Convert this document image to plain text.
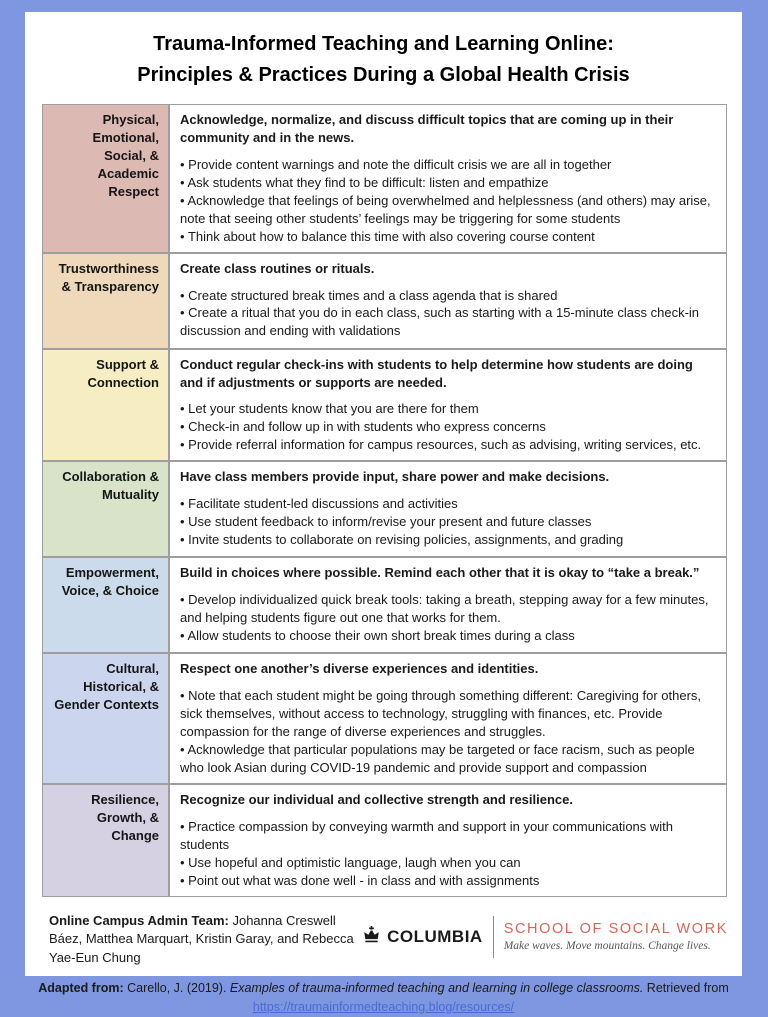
Trauma-Informed Teaching and Learning Online:
Principles & Practices During a Global Health Crisis
Physical, Emotional, Social, & Academic Respect	Acknowledge, normalize, and discuss difficult topics that are coming up in their community and in the news.
• Provide content warnings and note the difficult crisis we are all in together
• Ask students what they find to be difficult: listen and empathize
• Acknowledge that feelings of being overwhelmed and helplessness (and others) may arise, note that seeing other students’ feelings may be triggering for some students
• Think about how to balance this time with also covering course content

Trustworthiness & Transparency	Create class routines or rituals.
• Create structured break times and a class agenda that is shared
• Create a ritual that you do in each class, such as starting with a 15-minute class check-in discussion and ending with validations

Support & Connection	Conduct regular check-ins with students to help determine how students are doing and if adjustments or supports are needed.
• Let your students know that you are there for them
• Check-in and follow up in with students who express concerns
• Provide referral information for campus resources, such as advising, writing services, etc.

Collaboration & Mutuality	Have class members provide input, share power and make decisions.
• Facilitate student-led discussions and activities
• Use student feedback to inform/revise your present and future classes
• Invite students to collaborate on revising policies, assignments, and grading

Empowerment, Voice, & Choice	Build in choices where possible. Remind each other that it is okay to “take a break.”
• Develop individualized quick break tools: taking a breath, stepping away for a few minutes, and helping students figure out one that works for them.
• Allow students to choose their own short break times during a class

Cultural, Historical, & Gender Contexts	Respect one another’s diverse experiences and identities.
• Note that each student might be going through something different: Caregiving for others, sick themselves, without access to technology, struggling with finances, etc. Provide compassion for the range of diverse experiences and struggles.
• Acknowledge that particular populations may be targeted or face racism, such as people who look Asian during COVID-19 pandemic and provide support and compassion

Resilience, Growth, & Change	Recognize our individual and collective strength and resilience.
• Practice compassion by conveying warmth and support in your communications with students
• Use hopeful and optimistic language, laugh when you can
• Point out what was done well - in class and with assignments
Online Campus Admin Team: Johanna Creswell Báez, Matthea Marquart, Kristin Garay, and Rebecca Yae-Eun Chung
COLUMBIA SCHOOL OF SOCIAL WORK
Make waves. Move mountains. Change lives.
Adapted from: Carello, J. (2019). Examples of trauma-informed teaching and learning in college classrooms. Retrieved from
https://traumainformedteaching.blog/resources/
